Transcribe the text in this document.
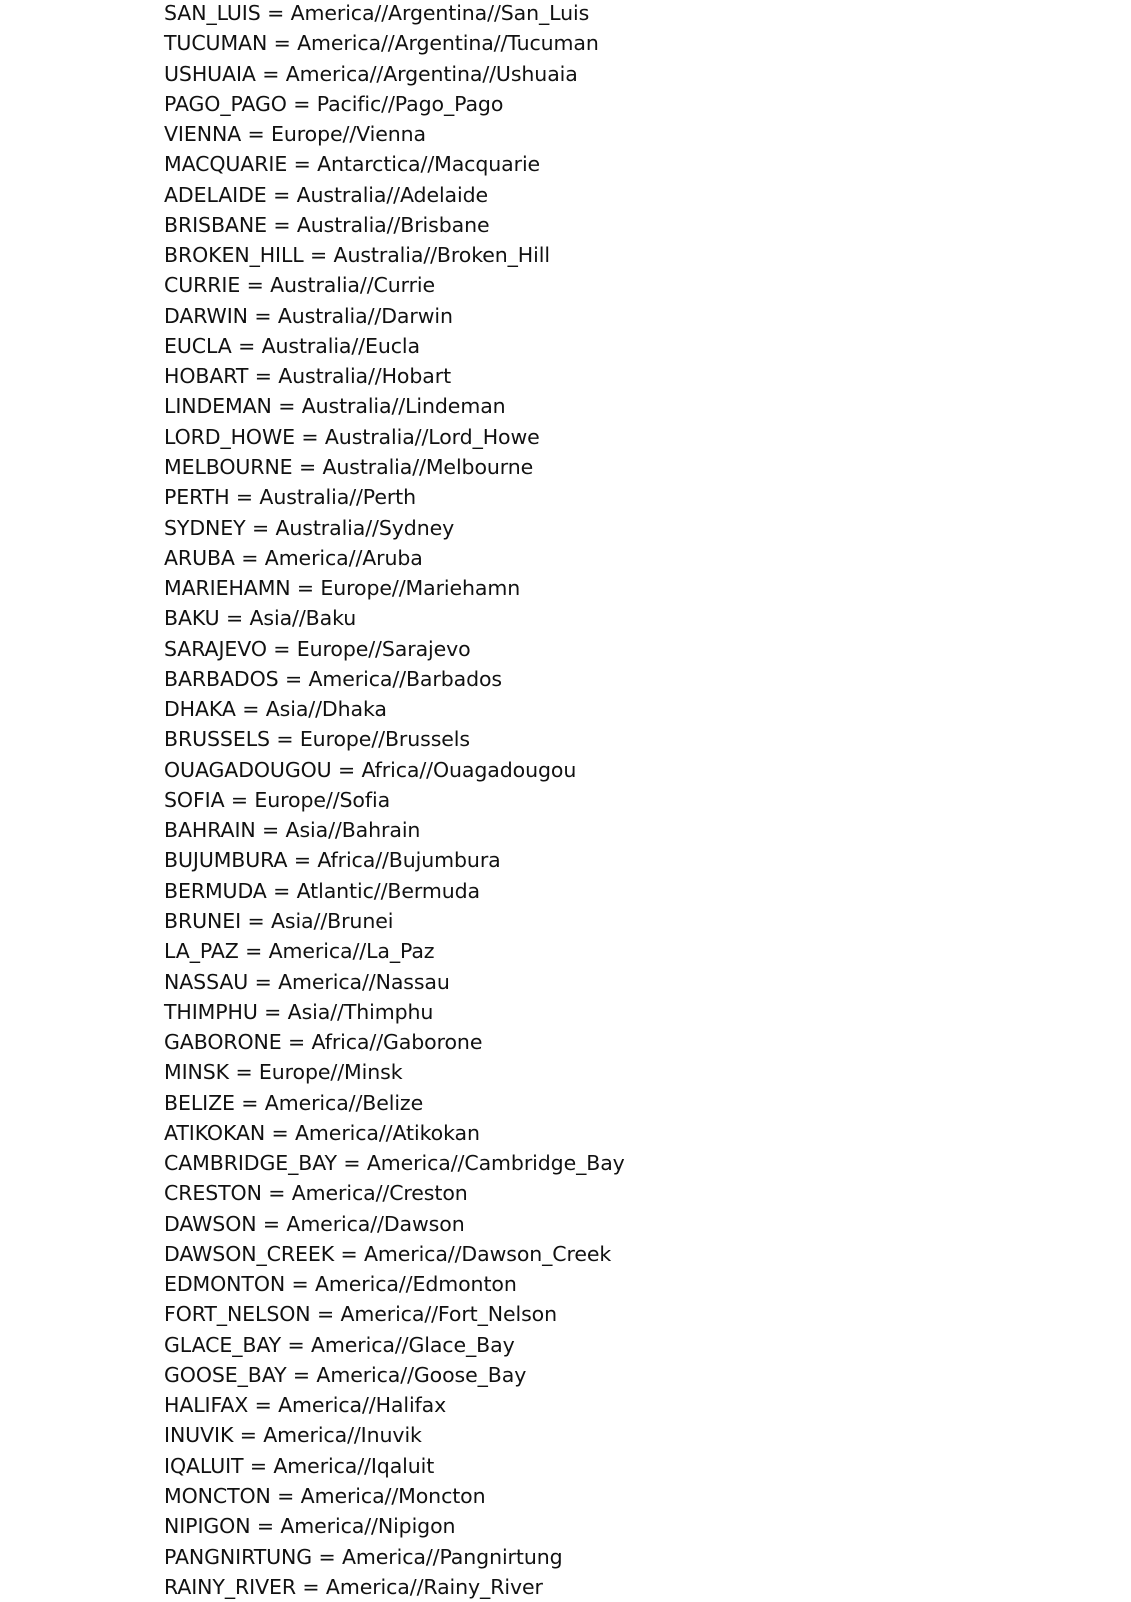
SAN_LUIS = America//Argentina//San_Luis
TUCUMAN = America//Argentina//Tucuman
USHUAIA = America//Argentina//Ushuaia
PAGO_PAGO = Pacific//Pago_Pago
VIENNA = Europe//Vienna
MACQUARIE = Antarctica//Macquarie
ADELAIDE = Australia//Adelaide
BRISBANE = Australia//Brisbane
BROKEN_HILL = Australia//Broken_Hill
CURRIE = Australia//Currie
DARWIN = Australia//Darwin
EUCLA = Australia//Eucla
HOBART = Australia//Hobart
LINDEMAN = Australia//Lindeman
LORD_HOWE = Australia//Lord_Howe
MELBOURNE = Australia//Melbourne
PERTH = Australia//Perth
SYDNEY = Australia//Sydney
ARUBA = America//Aruba
MARIEHAMN = Europe//Mariehamn
BAKU = Asia//Baku
SARAJEVO = Europe//Sarajevo
BARBADOS = America//Barbados
DHAKA = Asia//Dhaka
BRUSSELS = Europe//Brussels
OUAGADOUGOU = Africa//Ouagadougou
SOFIA = Europe//Sofia
BAHRAIN = Asia//Bahrain
BUJUMBURA = Africa//Bujumbura
BERMUDA = Atlantic//Bermuda
BRUNEI = Asia//Brunei
LA_PAZ = America//La_Paz
NASSAU = America//Nassau
THIMPHU = Asia//Thimphu
GABORONE = Africa//Gaborone
MINSK = Europe//Minsk
BELIZE = America//Belize
ATIKOKAN = America//Atikokan
CAMBRIDGE_BAY = America//Cambridge_Bay
CRESTON = America//Creston
DAWSON = America//Dawson
DAWSON_CREEK = America//Dawson_Creek
EDMONTON = America//Edmonton
FORT_NELSON = America//Fort_Nelson
GLACE_BAY = America//Glace_Bay
GOOSE_BAY = America//Goose_Bay
HALIFAX = America//Halifax
INUVIK = America//Inuvik
IQALUIT = America//Iqaluit
MONCTON = America//Moncton
NIPIGON = America//Nipigon
PANGNIRTUNG = America//Pangnirtung
RAINY_RIVER = America//Rainy_River
